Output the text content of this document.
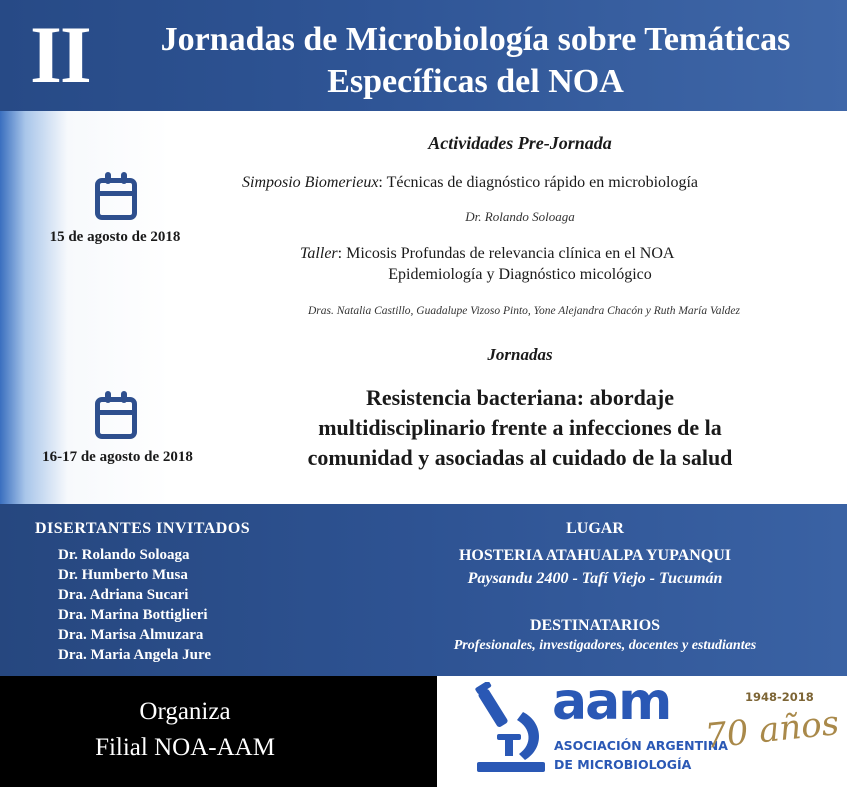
II	Jornadas de Microbiología sobre Temáticas
Específicas del NOA
Actividades Pre-Jornada
15 de agosto de 2018
Simposio Biomerieux: Técnicas de diagnóstico rápido en microbiología
Dr. Rolando Soloaga
Taller: Micosis Profundas de relevancia clínica en el NOA
Epidemiología y Diagnóstico micológico
Dras. Natalia Castillo, Guadalupe Vizoso Pinto, Yone Alejandra Chacón y Ruth María Valdez
Jornadas
16-17 de agosto de 2018
Resistencia bacteriana: abordaje
multidisciplinario frente a infecciones de la
comunidad y asociadas al cuidado de la salud
DISERTANTES INVITADOS
Dr. Rolando Soloaga
Dr. Humberto Musa
Dra. Adriana Sucari
Dra. Marina Bottiglieri
Dra. Marisa Almuzara
Dra. Maria Angela Jure
LUGAR
HOSTERIA ATAHUALPA YUPANQUI
Paysandu 2400 - Tafí Viejo - Tucumán
DESTINATARIOS
Profesionales, investigadores, docentes y estudiantes
Organiza
Filial NOA-AAM
aam
ASOCIACIÓN ARGENTINA
DE MICROBIOLOGÍA
1948-2018
70 años
